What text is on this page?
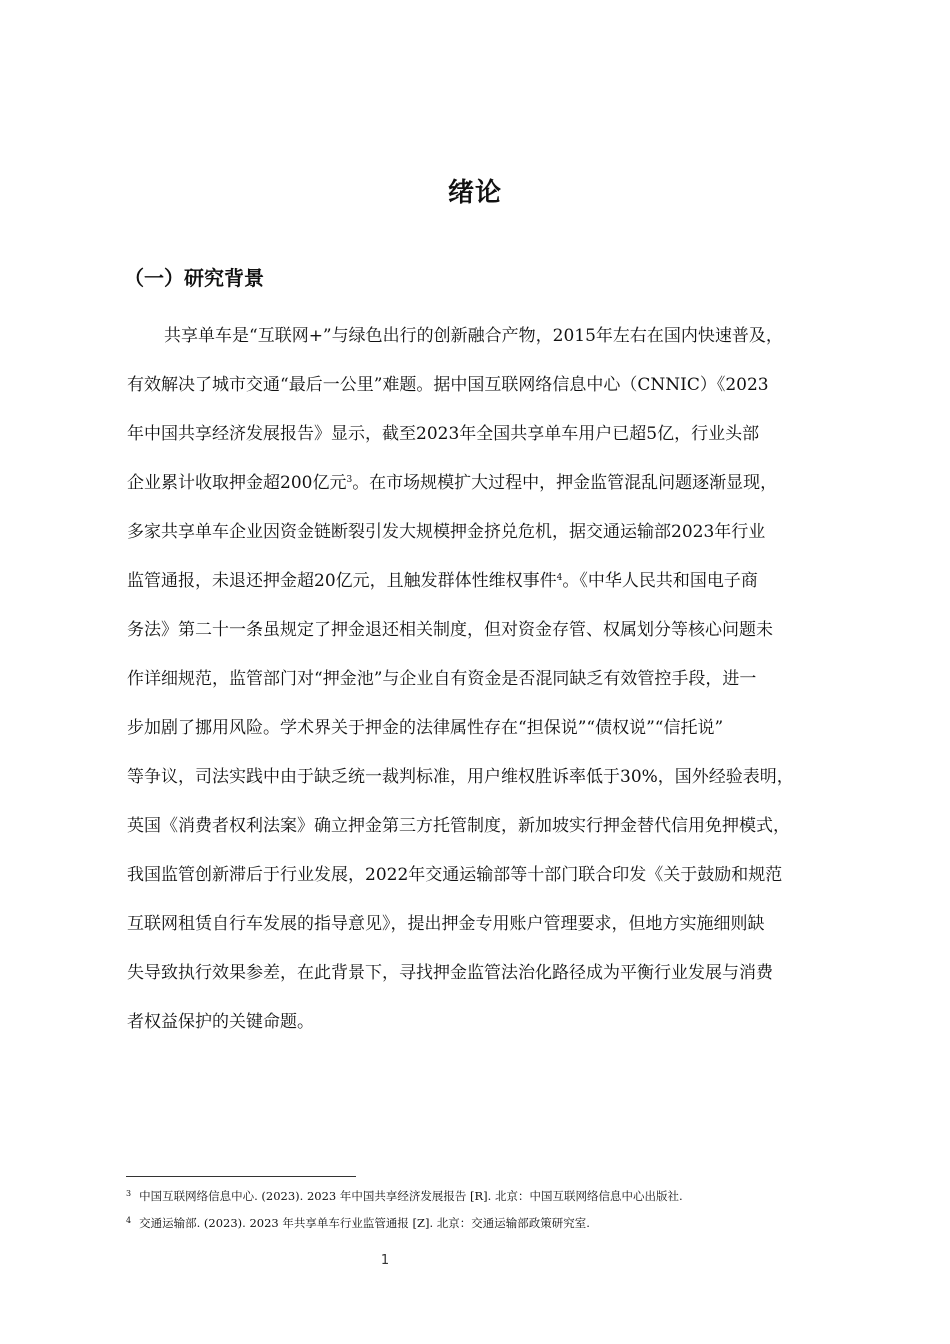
绪论
（一）研究背景
共享单车是“互联网+”与绿色出行的创新融合产物，2015年左右在国内快速普及，
有效解决了城市交通“最后一公里”难题。据中国互联网络信息中心（CNNIC）《2023
年中国共享经济发展报告》显示，截至2023年全国共享单车用户已超5亿，行业头部
企业累计收取押金超200亿元$^3$。在市场规模扩大过程中，押金监管混乱问题逐渐显现，
多家共享单车企业因资金链断裂引发大规模押金挤兑危机，据交通运输部2023年行业
监管通报，未退还押金超20亿元，且触发群体性维权事件$^4$。《中华人民共和国电子商
务法》第二十一条虽规定了押金退还相关制度，但对资金存管、权属划分等核心问题未
作详细规范，监管部门对“押金池”与企业自有资金是否混同缺乏有效管控手段，进一
步加剧了挪用风险。学术界关于押金的法律属性存在“担保说”“债权说”“信托说”
等争议，司法实践中由于缺乏统一裁判标准，用户维权胜诉率低于30%，国外经验表明，
英国《消费者权利法案》确立押金第三方托管制度，新加坡实行押金替代信用免押模式，
我国监管创新滞后于行业发展，2022年交通运输部等十部门联合印发《关于鼓励和规范
互联网租赁自行车发展的指导意见》，提出押金专用账户管理要求，但地方实施细则缺
失导致执行效果参差，在此背景下，寻找押金监管法治化路径成为平衡行业发展与消费
者权益保护的关键命题。
$^3$ 中国互联网络信息中心. (2023). 2023 年中国共享经济发展报告 [R]. 北京：中国互联网络信息中心出版社.
$^4$ 交通运输部. (2023). 2023 年共享单车行业监管通报 [Z]. 北京：交通运输部政策研究室.
1
